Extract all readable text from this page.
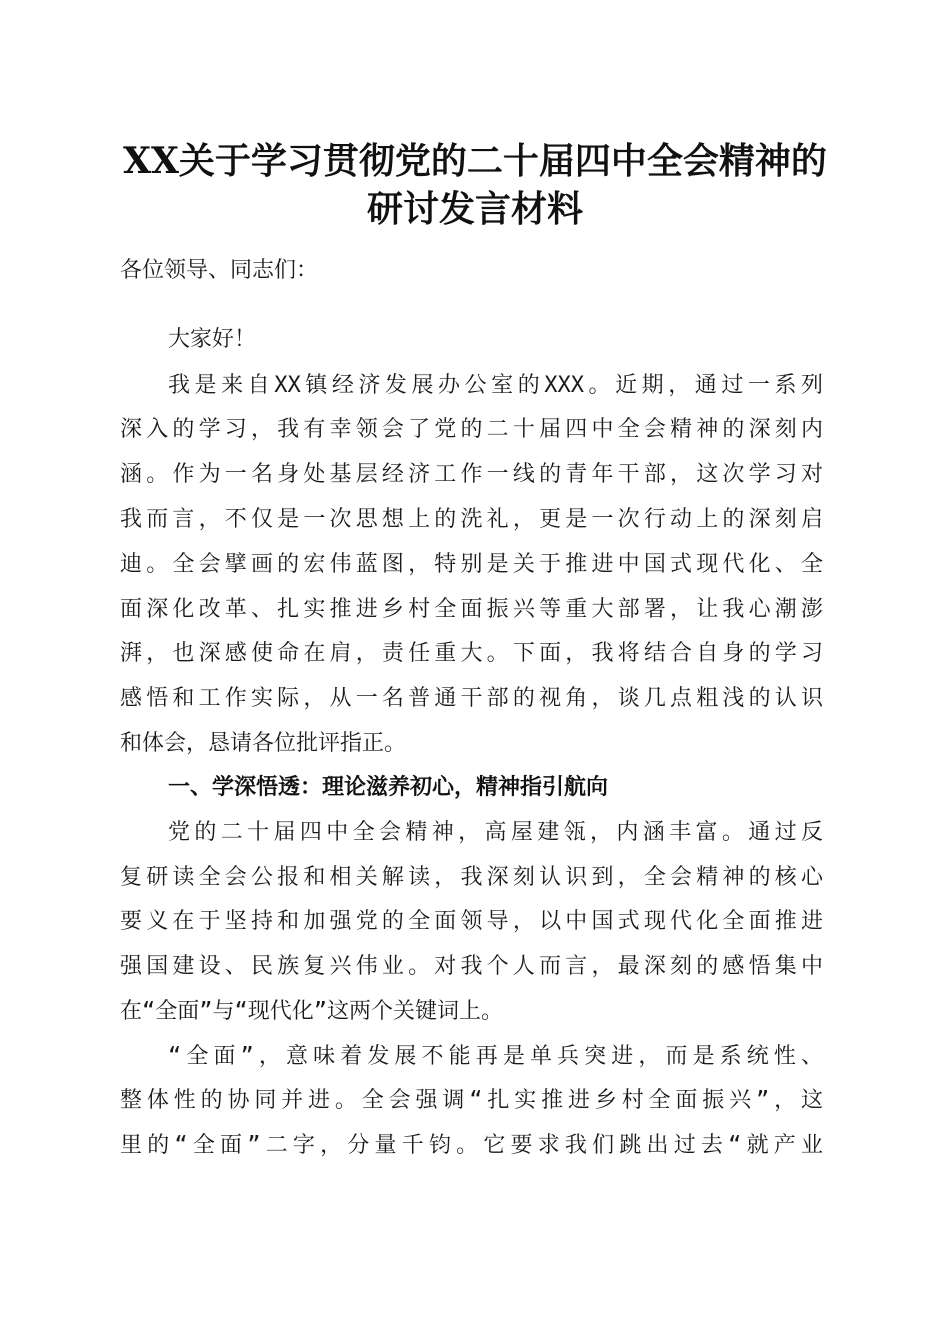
XX关于学习贯彻党的二十届四中全会精神的
研讨发言材料
各位领导、同志们：
大家好！
我是来自XX镇经济发展办公室的XXX。近期，通过一系列
深入的学习，我有幸领会了党的二十届四中全会精神的深刻内
涵。作为一名身处基层经济工作一线的青年干部，这次学习对
我而言，不仅是一次思想上的洗礼，更是一次行动上的深刻启
迪。全会擘画的宏伟蓝图，特别是关于推进中国式现代化、全
面深化改革、扎实推进乡村全面振兴等重大部署，让我心潮澎
湃，也深感使命在肩，责任重大。下面，我将结合自身的学习
感悟和工作实际，从一名普通干部的视角，谈几点粗浅的认识
和体会，恳请各位批评指正。
一、学深悟透：理论滋养初心，精神指引航向
党的二十届四中全会精神，高屋建瓴，内涵丰富。通过反
复研读全会公报和相关解读，我深刻认识到，全会精神的核心
要义在于坚持和加强党的全面领导，以中国式现代化全面推进
强国建设、民族复兴伟业。对我个人而言，最深刻的感悟集中
在“全面”与“现代化”这两个关键词上。
“全面”，意味着发展不能再是单兵突进，而是系统性、
整体性的协同并进。全会强调“扎实推进乡村全面振兴”，这
里的“全面”二字，分量千钧。它要求我们跳出过去“就产业
